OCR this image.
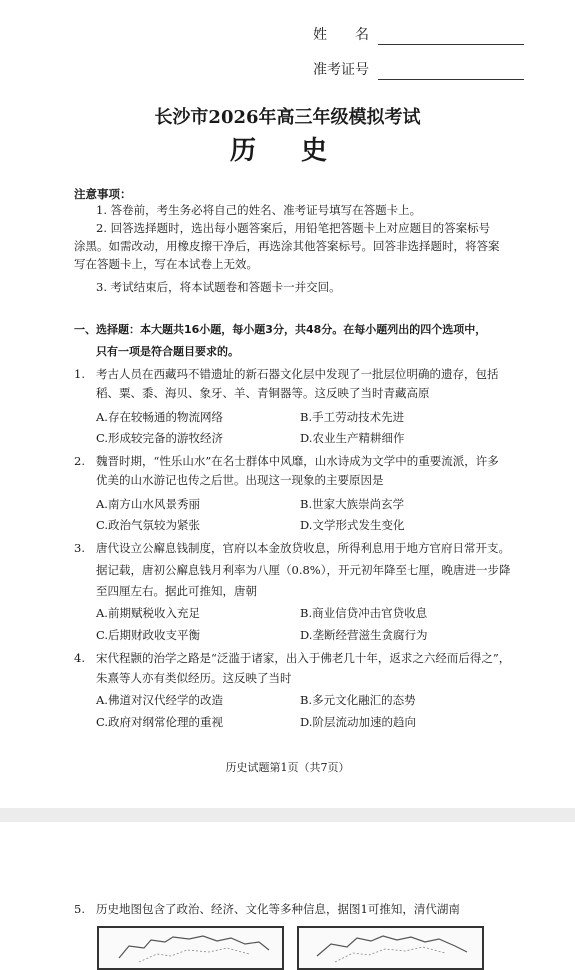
姓　　名
准考证号
长沙市2026年高三年级模拟考试
历 史
注意事项：
1. 答卷前，考生务必将自己的姓名、准考证号填写在答题卡上。
2. 回答选择题时，选出每小题答案后，用铅笔把答题卡上对应题目的答案标号
涂黑。如需改动，用橡皮擦干净后，再选涂其他答案标号。回答非选择题时，将答案
写在答题卡上，写在本试卷上无效。
3. 考试结束后，将本试题卷和答题卡一并交回。
一、选择题：本大题共16小题，每小题3分，共48分。在每小题列出的四个选项中，
只有一项是符合题目要求的。
1. 考古人员在西藏玛不错遗址的新石器文化层中发现了一批层位明确的遗存，包括
稻、粟、黍、海贝、象牙、羊、青铜器等。这反映了当时青藏高原
A.存在较畅通的物流网络	B.手工劳动技术先进
C.形成较完备的游牧经济	D.农业生产精耕细作
2. 魏晋时期，“性乐山水”在名士群体中风靡，山水诗成为文学中的重要流派，许多
优美的山水游记也传之后世。出现这一现象的主要原因是
A.南方山水风景秀丽	B.世家大族崇尚玄学
C.政治气氛较为紧张	D.文学形式发生变化
3. 唐代设立公廨息钱制度，官府以本金放贷收息，所得利息用于地方官府日常开支。
据记载，唐初公廨息钱月利率为八厘（0.8%），开元初年降至七厘，晚唐进一步降
至四厘左右。据此可推知，唐朝
A.前期赋税收入充足	B.商业信贷冲击官贷收息
C.后期财政收支平衡	D.垄断经营滋生贪腐行为
4. 宋代程颢的治学之路是“泛滥于诸家，出入于佛老几十年，返求之六经而后得之”，
朱熹等人亦有类似经历。这反映了当时
A.佛道对汉代经学的改造	B.多元文化融汇的态势
C.政府对纲常伦理的重视	D.阶层流动加速的趋向
历史试题第1页（共7页）
5. 历史地图包含了政治、经济、文化等多种信息，据图1可推知，清代湖南
